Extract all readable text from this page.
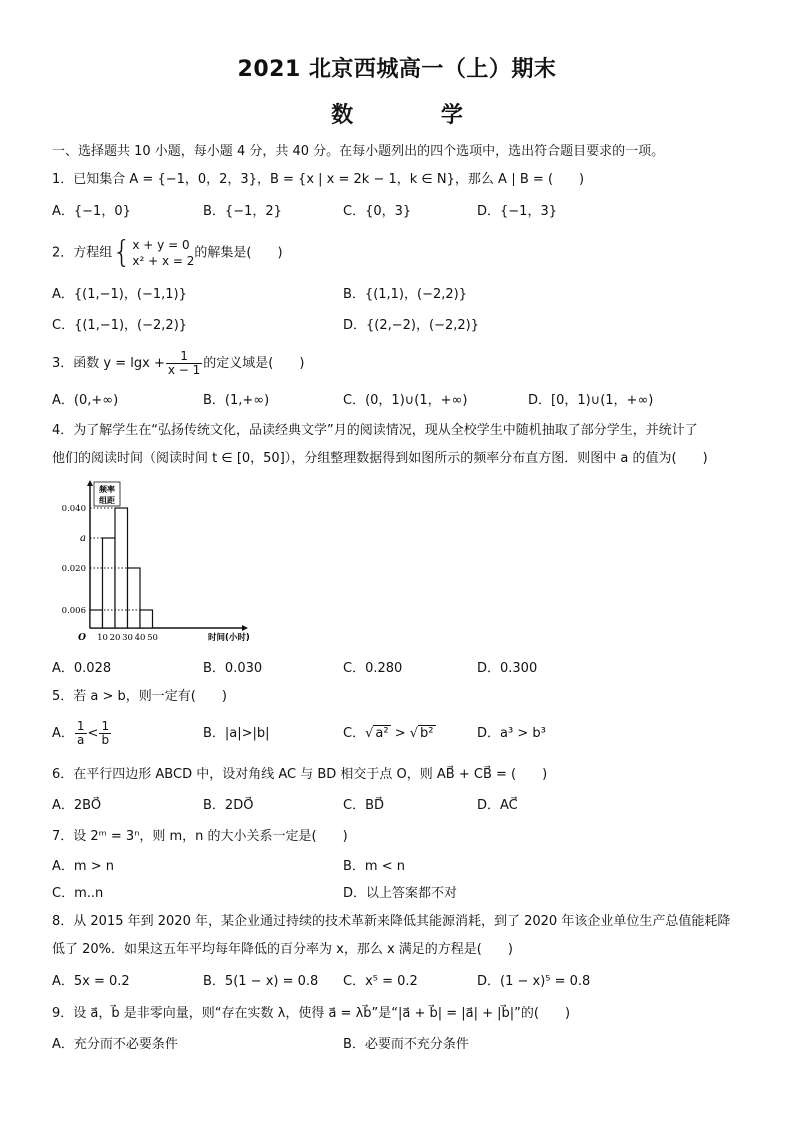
2021 北京西城高一（上）期末
数 学
一、选择题共 10 小题，每小题 4 分，共 40 分。在每小题列出的四个选项中，选出符合题目要求的一项。
1．已知集合 A = {−1，0，2，3}，B = {x | x = 2k − 1，k ∈ N}，那么 A B = (　　)
A．{−1，0}	B．{−1，2}	C．{0，3}	D．{−1，3}
2．方程组{ x + y = 0
x² + x = 2
的解集是(　　)
A．{(1,−1)，(−1,1)}	B．{(1,1)，(−2,2)}
C．{(1,−1)，(−2,2)}	D．{(2,−2)，(−2,2)}
3．函数 $y = \lg x + \frac{1}{x - 1}$ 的定义域是(　　)
A．(0,+∞)	B．(1,+∞)	C．(0，1)∪(1，+∞)	D．[0，1)∪(1，+∞)
4．为了解学生在“弘扬传统文化，品读经典文学”月的阅读情况，现从全校学生中随机抽取了部分学生，并统计了
他们的阅读时间（阅读时间 t ∈ [0，50]），分组整理数据得到如图所示的频率分布直方图．则图中 a 的值为(　　)
频率
组距
0.040
a
0.020
0.006
10 20 30 40 50
O	时间(小时)
A．0.028	B．0.030	C．0.280	D．0.300
5．若 a > b，则一定有(　　)
A． $\frac{1}{a} < \frac{1}{b}$	B．|a|>|b|	C．√ a² > √ b²	D．a³ > b³
6．在平行四边形 ABCD 中，设对角线 AC 与 BD 相交于点 O，则 AB⃗ + CB⃗ = (　　)
A．2BO⃗	B．2DO⃗	C．BD⃗	D．AC⃗
7．设 2ᵐ = 3ⁿ，则 m，n 的大小关系一定是(　　)
A．m > n	B．m < n
C．m..n	D．以上答案都不对
8．从 2015 年到 2020 年，某企业通过持续的技术革新来降低其能源消耗，到了 2020 年该企业单位生产总值能耗降
低了 20%．如果这五年平均每年降低的百分率为 x，那么 x 满足的方程是(　　)
A．5x = 0.2	B．5(1 − x) = 0.8 C．x⁵ = 0.2	D．(1 − x)⁵ = 0.8
9．设 a⃗，b⃗ 是非零向量，则“存在实数 λ，使得 a⃗ = λb⃗”是“|a⃗ + b⃗| = |a⃗| + |b⃗|”的(　　)
A．充分而不必要条件	B．必要而不充分条件
